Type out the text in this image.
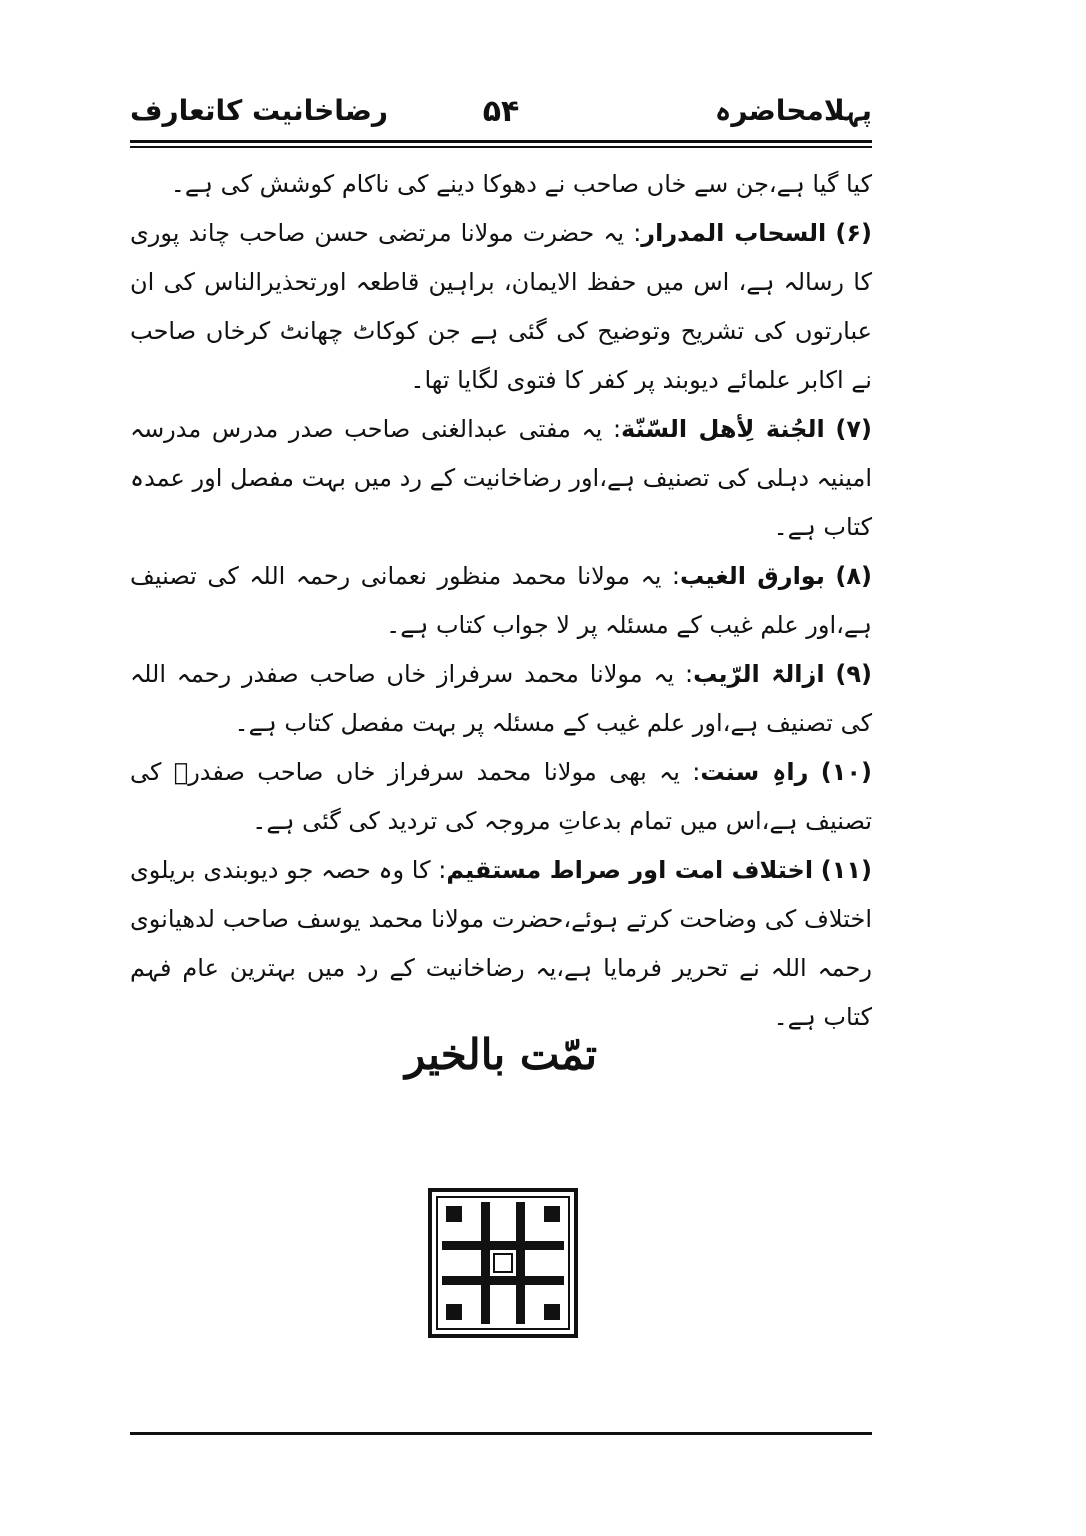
پہلامحاضرہ
۵۴
رضاخانیت کاتعارف

کیا گیا ہے،جن سے خاں صاحب نے دھوکا دینے کی ناکام کوشش کی ہے۔

(۶) السحاب المدرار: یہ حضرت مولانا مرتضی حسن صاحب چاند پوری کا رسالہ ہے، اس میں حفظ الایمان، براہین قاطعہ اورتحذیرالناس کی ان عبارتوں کی تشریح وتوضیح کی گئی ہے جن کوکاٹ چھانٹ کرخاں صاحب نے اکابر علمائے دیوبند پر کفر کا فتوی لگایا تھا۔

(۷) الجُنة لِأهل السّنّة: یہ مفتی عبدالغنی صاحب صدر مدرس مدرسہ امینیہ دہلی کی تصنیف ہے،اور رضاخانیت کے رد میں بہت مفصل اور عمدہ کتاب ہے۔

(۸) بوارق الغیب: یہ مولانا محمد منظور نعمانی رحمہ اللہ کی تصنیف ہے،اور علم غیب کے مسئلہ پر لا جواب کتاب ہے۔

(۹) ازالۃ الرّیب: یہ مولانا محمد سرفراز خاں صاحب صفدر رحمہ اللہ کی تصنیف ہے،اور علم غیب کے مسئلہ پر بہت مفصل کتاب ہے۔

(۱۰) راہِ سنت: یہ بھی مولانا محمد سرفراز خاں صاحب صفدرؒ کی تصنیف ہے،اس میں تمام بدعاتِ مروجہ کی تردید کی گئی ہے۔

(۱۱) اختلاف امت اور صراط مستقیم: کا وہ حصہ جو دیوبندی بریلوی اختلاف کی وضاحت کرتے ہوئے،حضرت مولانا محمد یوسف صاحب لدھیانوی رحمہ اللہ نے تحریر فرمایا ہے،یہ رضاخانیت کے رد میں بہترین عام فہم کتاب ہے۔

تمّت بالخیر
